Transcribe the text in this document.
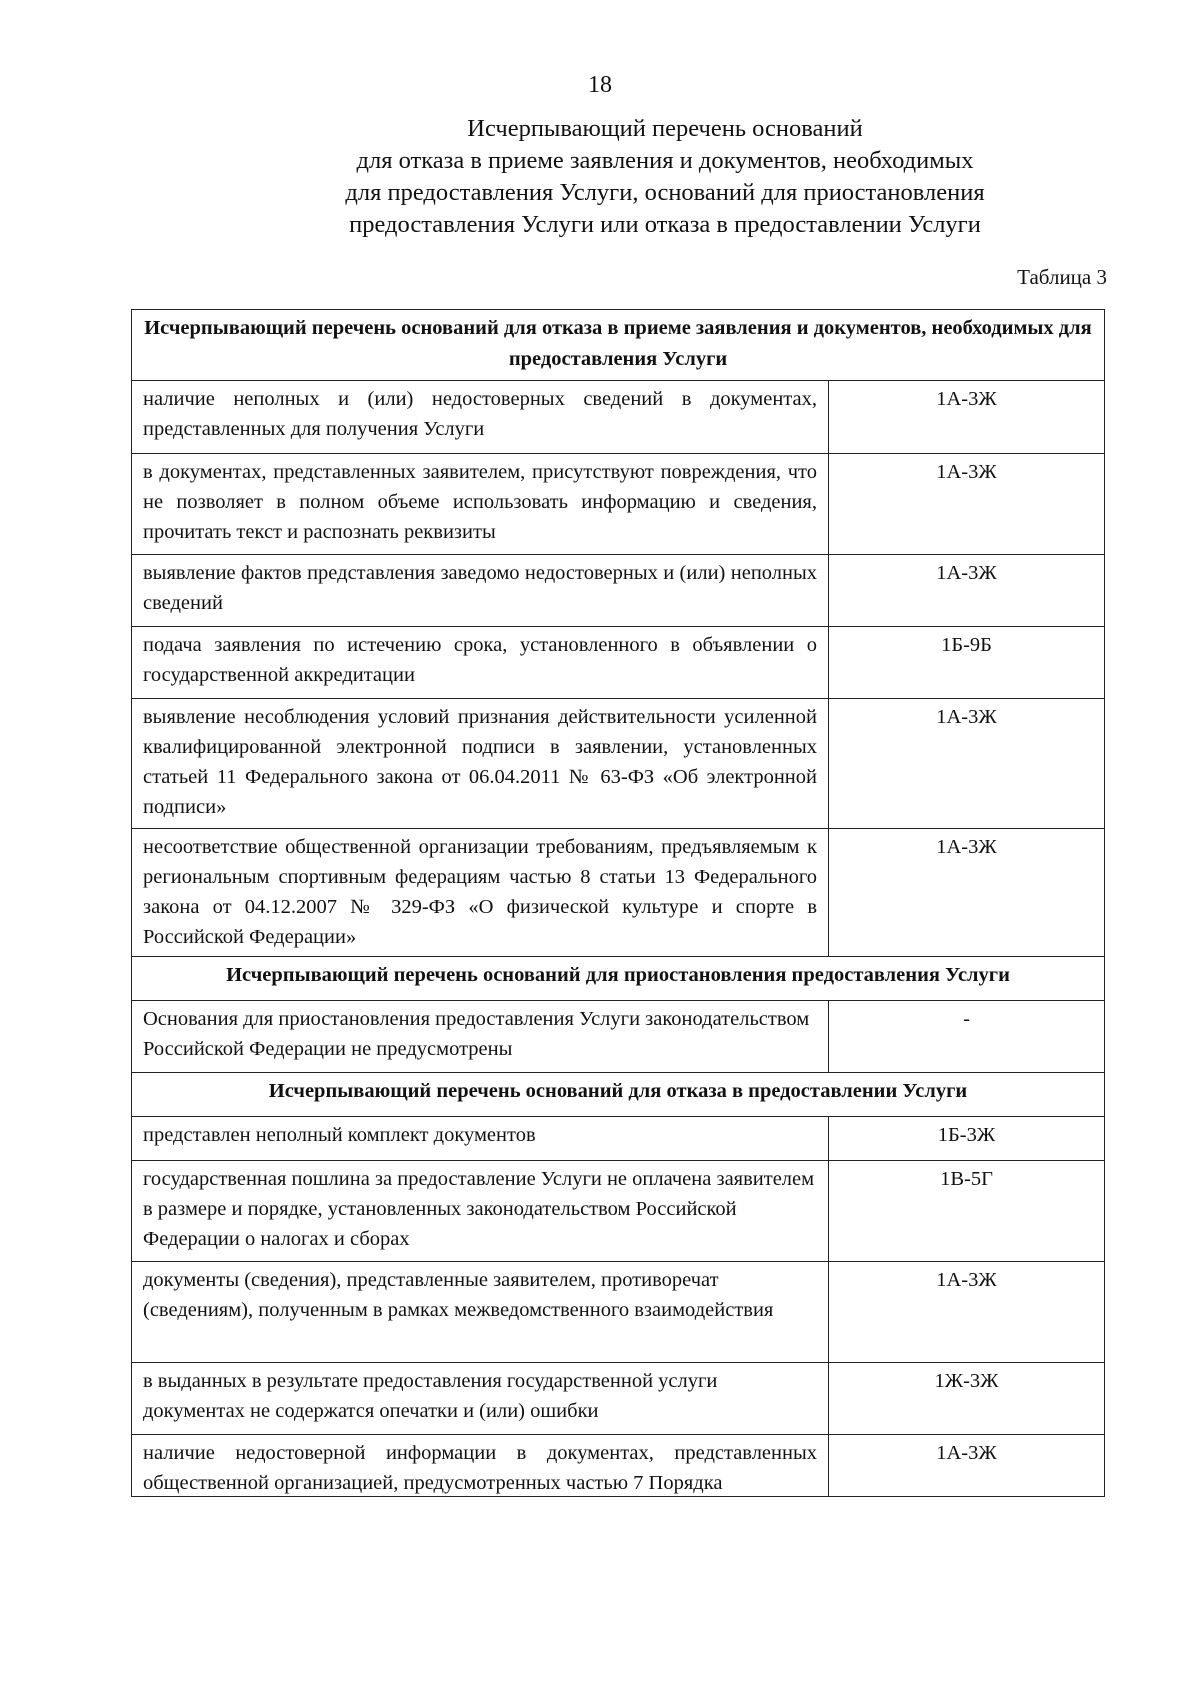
18
Исчерпывающий перечень оснований
для отказа в приеме заявления и документов, необходимых
для предоставления Услуги, оснований для приостановления
предоставления Услуги или отказа в предоставлении Услуги
Таблица 3
Исчерпывающий перечень оснований для отказа в приеме заявления и документов, необходимых для предоставления Услуги	
наличие неполных и (или) недостоверных сведений в документах, представленных для получения Услуги	1А-3Ж
в документах, представленных заявителем, присутствуют повреждения, что не позволяет в полном объеме использовать информацию и сведения, прочитать текст и распознать реквизиты	1А-3Ж
выявление фактов представления заведомо недостоверных и (или) неполных сведений	1А-3Ж
подача заявления по истечению срока, установленного в объявлении о государственной аккредитации	1Б-9Б
выявление несоблюдения условий признания действительности усиленной квалифицированной электронной подписи в заявлении, установленных статьей 11 Федерального закона от 06.04.2011 № 63-ФЗ «Об электронной подписи»	1А-3Ж
несоответствие общественной организации требованиям, предъявляемым к региональным спортивным федерациям частью 8 статьи 13 Федерального закона от 04.12.2007 № 329-ФЗ «О физической культуре и спорте в Российской Федерации»	1А-3Ж
Исчерпывающий перечень оснований для приостановления предоставления Услуги	
Основания для приостановления предоставления Услуги законодательством Российской Федерации не предусмотрены	-
Исчерпывающий перечень оснований для отказа в предоставлении Услуги	
представлен неполный комплект документов	1Б-3Ж
государственная пошлина за предоставление Услуги не оплачена заявителем в размере и порядке, установленных законодательством Российской Федерации о налогах и сборах	1В-5Г
документы (сведения), представленные заявителем, противоречат (сведениям), полученным в рамках межведомственного взаимодействия	1А-3Ж
в выданных в результате предоставления государственной услуги документах не содержатся опечатки и (или) ошибки	1Ж-3Ж

наличие недостоверной информации в документах, представленных общественной организацией, предусмотренных частью 7 Порядка	1А-3Ж
